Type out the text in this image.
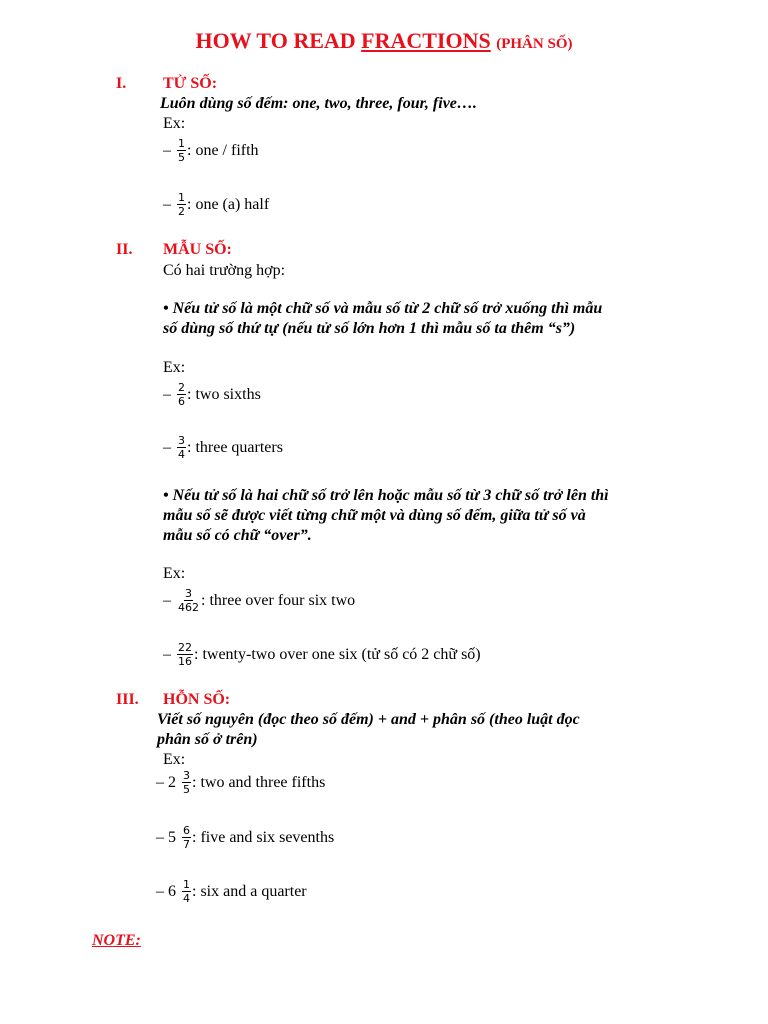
HOW TO READ FRACTIONS (PHÂN SỐ)
I. TỬ SỐ:
Luôn dùng số đếm: one, two, three, four, five….
Ex:
– $\frac{1}{5}$ : one / fifth
– $\frac{1}{2}$ : one (a) half
II. MẪU SỐ:
Có hai trường hợp:
• Nếu tử số là một chữ số và mẫu số từ 2 chữ số trở xuống thì mẫu
số dùng số thứ tự (nếu tử số lớn hơn 1 thì mẫu số ta thêm “s”)
Ex:
– $\frac{2}{6}$ : two sixths
– $\frac{3}{4}$ : three quarters
• Nếu tử số là hai chữ số trở lên hoặc mẫu số từ 3 chữ số trở lên thì
mẫu số sẽ được viết từng chữ một và dùng số đếm, giữa tử số và
mẫu số có chữ “over”.
Ex:
– $\frac{3}{462}$ : three over four six two
– $\frac{22}{16}$ : twenty-two over one six (tử số có 2 chữ số)
III. HỖN SỐ:
Viết số nguyên (đọc theo số đếm) + and + phân số (theo luật đọc
phân số ở trên)
Ex:
– $2 \frac{3}{5}$ : two and three fifths
– $5 \frac{6}{7}$ : five and six sevenths
– $6 \frac{1}{4}$ : six and a quarter
NOTE:
